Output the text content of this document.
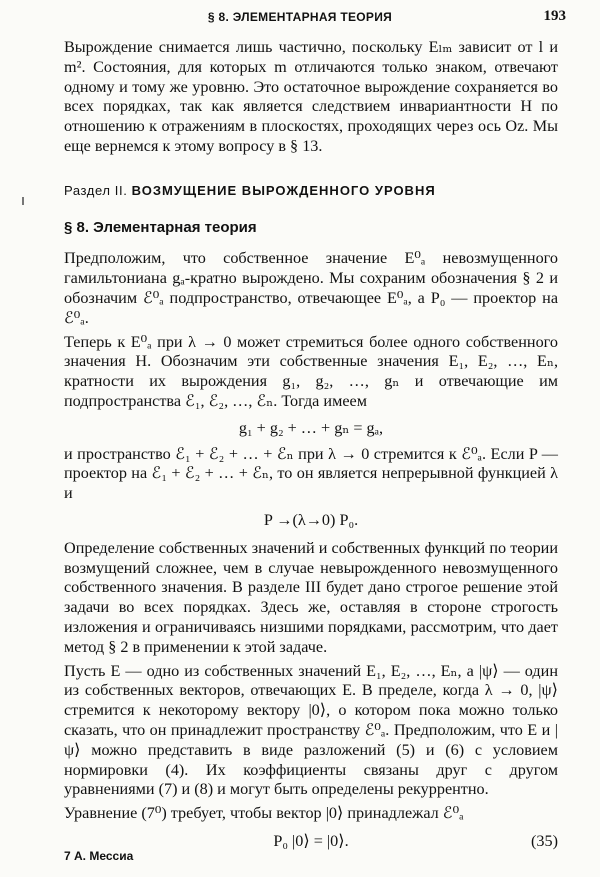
§ 8. ЭЛЕМЕНТАРНАЯ ТЕОРИЯ	193

Вырождение снимается лишь частично, поскольку Eₗₘ зависит от l и m². Состояния, для которых m отличаются только знаком, отвечают одному и тому же уровню. Это остаточное вырождение сохраняется во всех порядках, так как является следствием инвариантности H по отношению к отражениям в плоскостях, проходящих через ось Oz. Мы еще вернемся к этому вопросу в § 13.

Раздел II. ВОЗМУЩЕНИЕ ВЫРОЖДЕННОГО УРОВНЯ
§ 8. Элементарная теория

Предположим, что собственное значение E⁰ₐ невозмущенного гамильтониана gₐ-кратно вырождено. Мы сохраним обозначения § 2 и обозначим ℰ⁰ₐ подпространство, отвечающее E⁰ₐ, а P₀ — проектор на ℰ⁰ₐ.

Теперь к E⁰ₐ при λ → 0 может стремиться более одного собственного значения H. Обозначим эти собственные значения E₁, E₂, …, Eₙ, кратности их вырождения g₁, g₂, …, gₙ и отвечающие им подпространства ℰ₁, ℰ₂, …, ℰₙ. Тогда имеем

g₁ + g₂ + … + gₙ = gₐ,

и пространство ℰ₁ + ℰ₂ + … + ℰₙ при λ → 0 стремится к ℰ⁰ₐ. Если P — проектор на ℰ₁ + ℰ₂ + … + ℰₙ, то он является непрерывной функцией λ и

P →(λ→0) P₀.

Определение собственных значений и собственных функций по теории возмущений сложнее, чем в случае невырожденного невозмущенного собственного значения. В разделе III будет дано строгое решение этой задачи во всех порядках. Здесь же, оставляя в стороне строгость изложения и ограничиваясь низшими порядками, рассмотрим, что дает метод § 2 в применении к этой задаче.

Пусть E — одно из собственных значений E₁, E₂, …, Eₙ, а |ψ⟩ — один из собственных векторов, отвечающих E. В пределе, когда λ → 0, |ψ⟩ стремится к некоторому вектору |0⟩, о котором пока можно только сказать, что он принадлежит пространству ℰ⁰ₐ. Предположим, что E и |ψ⟩ можно представить в виде разложений (5) и (6) с условием нормировки (4). Их коэффициенты связаны друг с другом уравнениями (7) и (8) и могут быть определены рекуррентно.

Уравнение (7⁰) требует, чтобы вектор |0⟩ принадлежал ℰ⁰ₐ

P₀ |0⟩ = |0⟩.	(35)
7 А. Мессиа
